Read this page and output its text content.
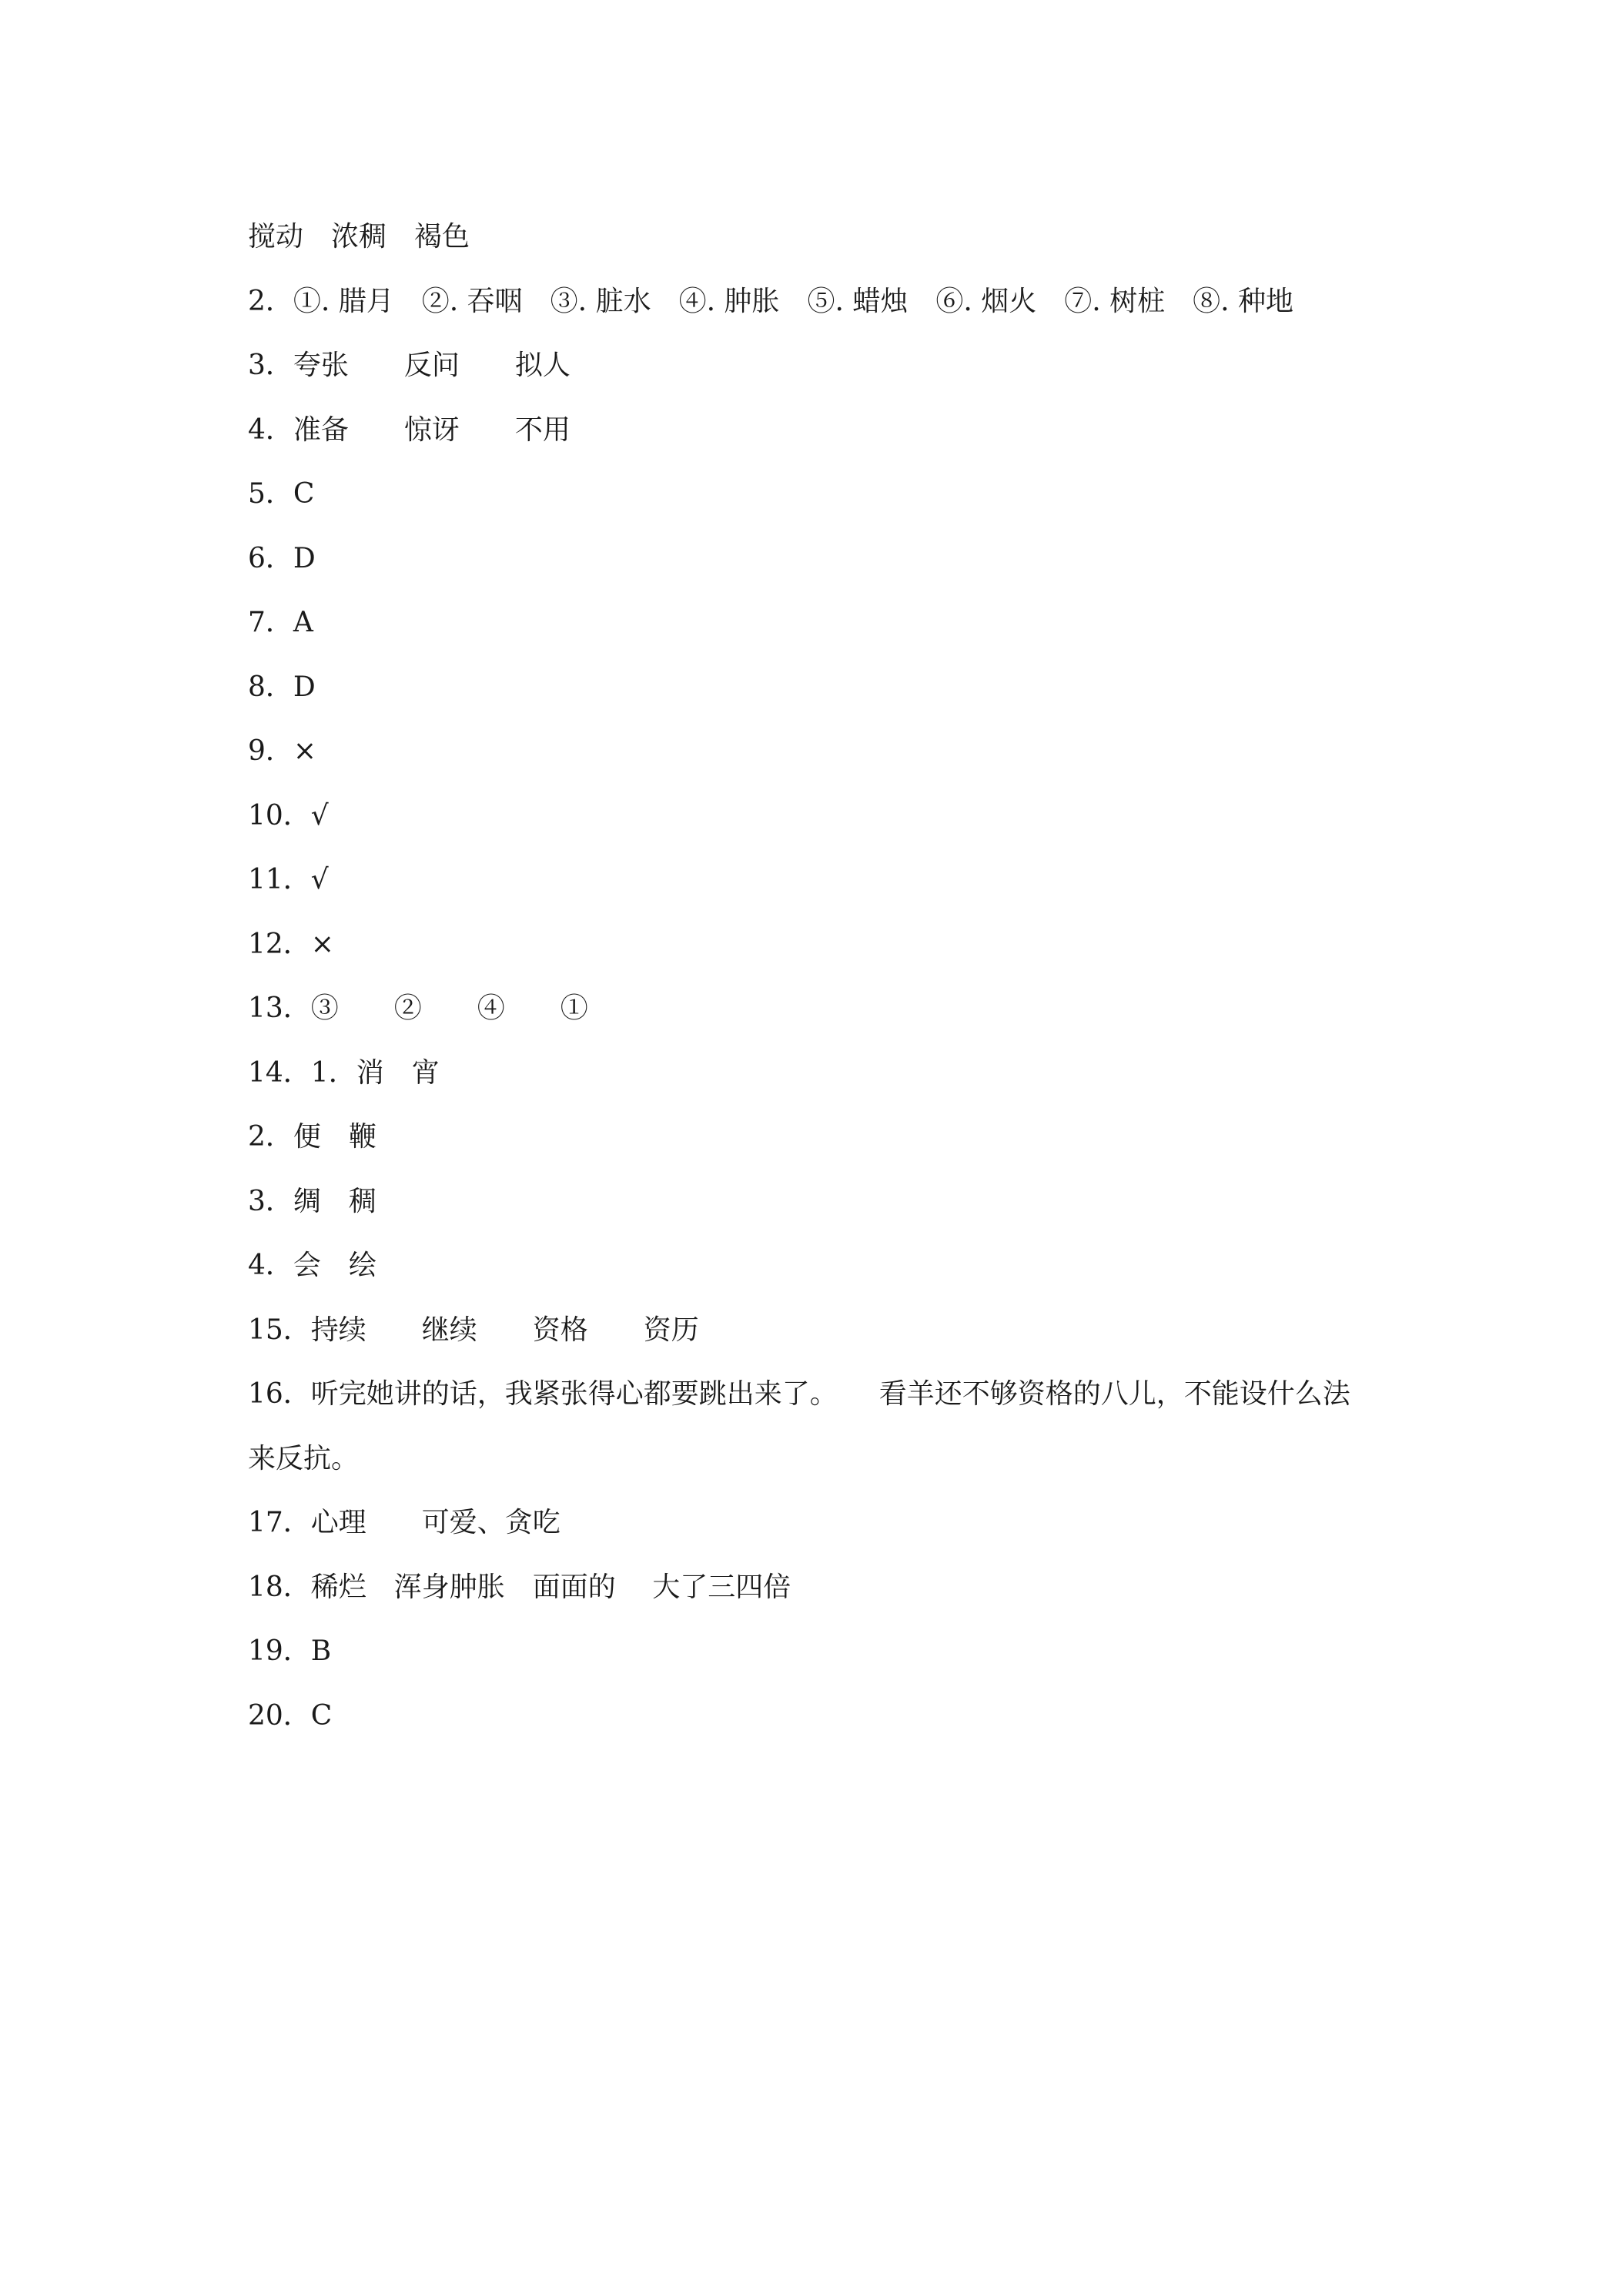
搅动　浓稠　褐色
2．①. 腊月　②. 吞咽　③. 脏水　④. 肿胀　⑤. 蜡烛　⑥. 烟火　⑦. 树桩　⑧. 种地
3．夸张　　反问　　拟人
4．准备　　惊讶　　不用
5．C
6．D
7．A
8．D
9．×
10．√
11．√
12．×
13．③　　②　　④　　①
14．1．消　宵
2．便　鞭
3．绸　稠
4．会　绘
15．持续　　继续　　资格　　资历
16．听完她讲的话，我紧张得心都要跳出来了。　　看羊还不够资格的八儿，不能设什么法
来反抗。
17．心理　　可爱、贪吃
18．稀烂　浑身肿胀　面面的　 大了三四倍
19．B
20．C
